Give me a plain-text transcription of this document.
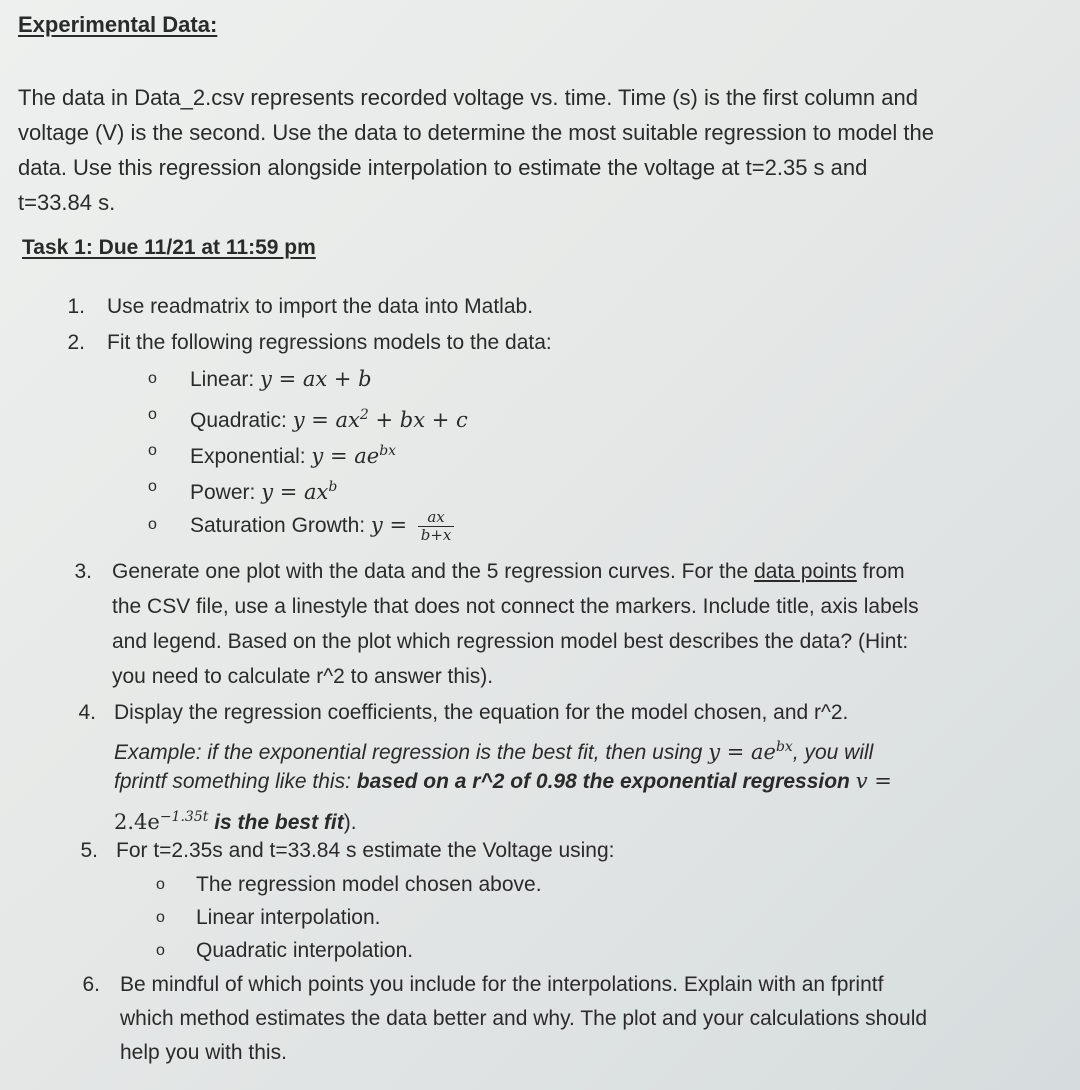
Experimental Data:
The data in Data_2.csv represents recorded voltage vs. time. Time (s) is the first column and
voltage (V) is the second. Use the data to determine the most suitable regression to model the
data. Use this regression alongside interpolation to estimate the voltage at t=2.35 s and
t=33.84 s.
Task 1: Due 11/21 at 11:59 pm
1. Use readmatrix to import the data into Matlab.
2. Fit the following regressions models to the data:
o Linear: y = ax + b
o Quadratic: $y = ax^2$ + bx + c
o Exponential: $y = ae^{bx}$
o Power: $y = ax^b$
o Saturation Growth: $y = \frac{ax}{b+x}$
3. Generate one plot with the data and the 5 regression curves. For the data points from
the CSV file, use a linestyle that does not connect the markers. Include title, axis labels
and legend. Based on the plot which regression model best describes the data? (Hint:
you need to calculate r^2 to answer this).
4. Display the regression coefficients, the equation for the model chosen, and r^2.
Example: if the exponential regression is the best fit, then using $y = ae^{bx}$, you will
fprintf something like this: based on a r^2 of 0.98 the exponential regression v =
$2.4e^{-1.35t}$ is the best fit).
5. For t=2.35s and t=33.84 s estimate the Voltage using:
o The regression model chosen above.
o Linear interpolation.
o Quadratic interpolation.
6. Be mindful of which points you include for the interpolations. Explain with an fprintf
which method estimates the data better and why. The plot and your calculations should
help you with this.
